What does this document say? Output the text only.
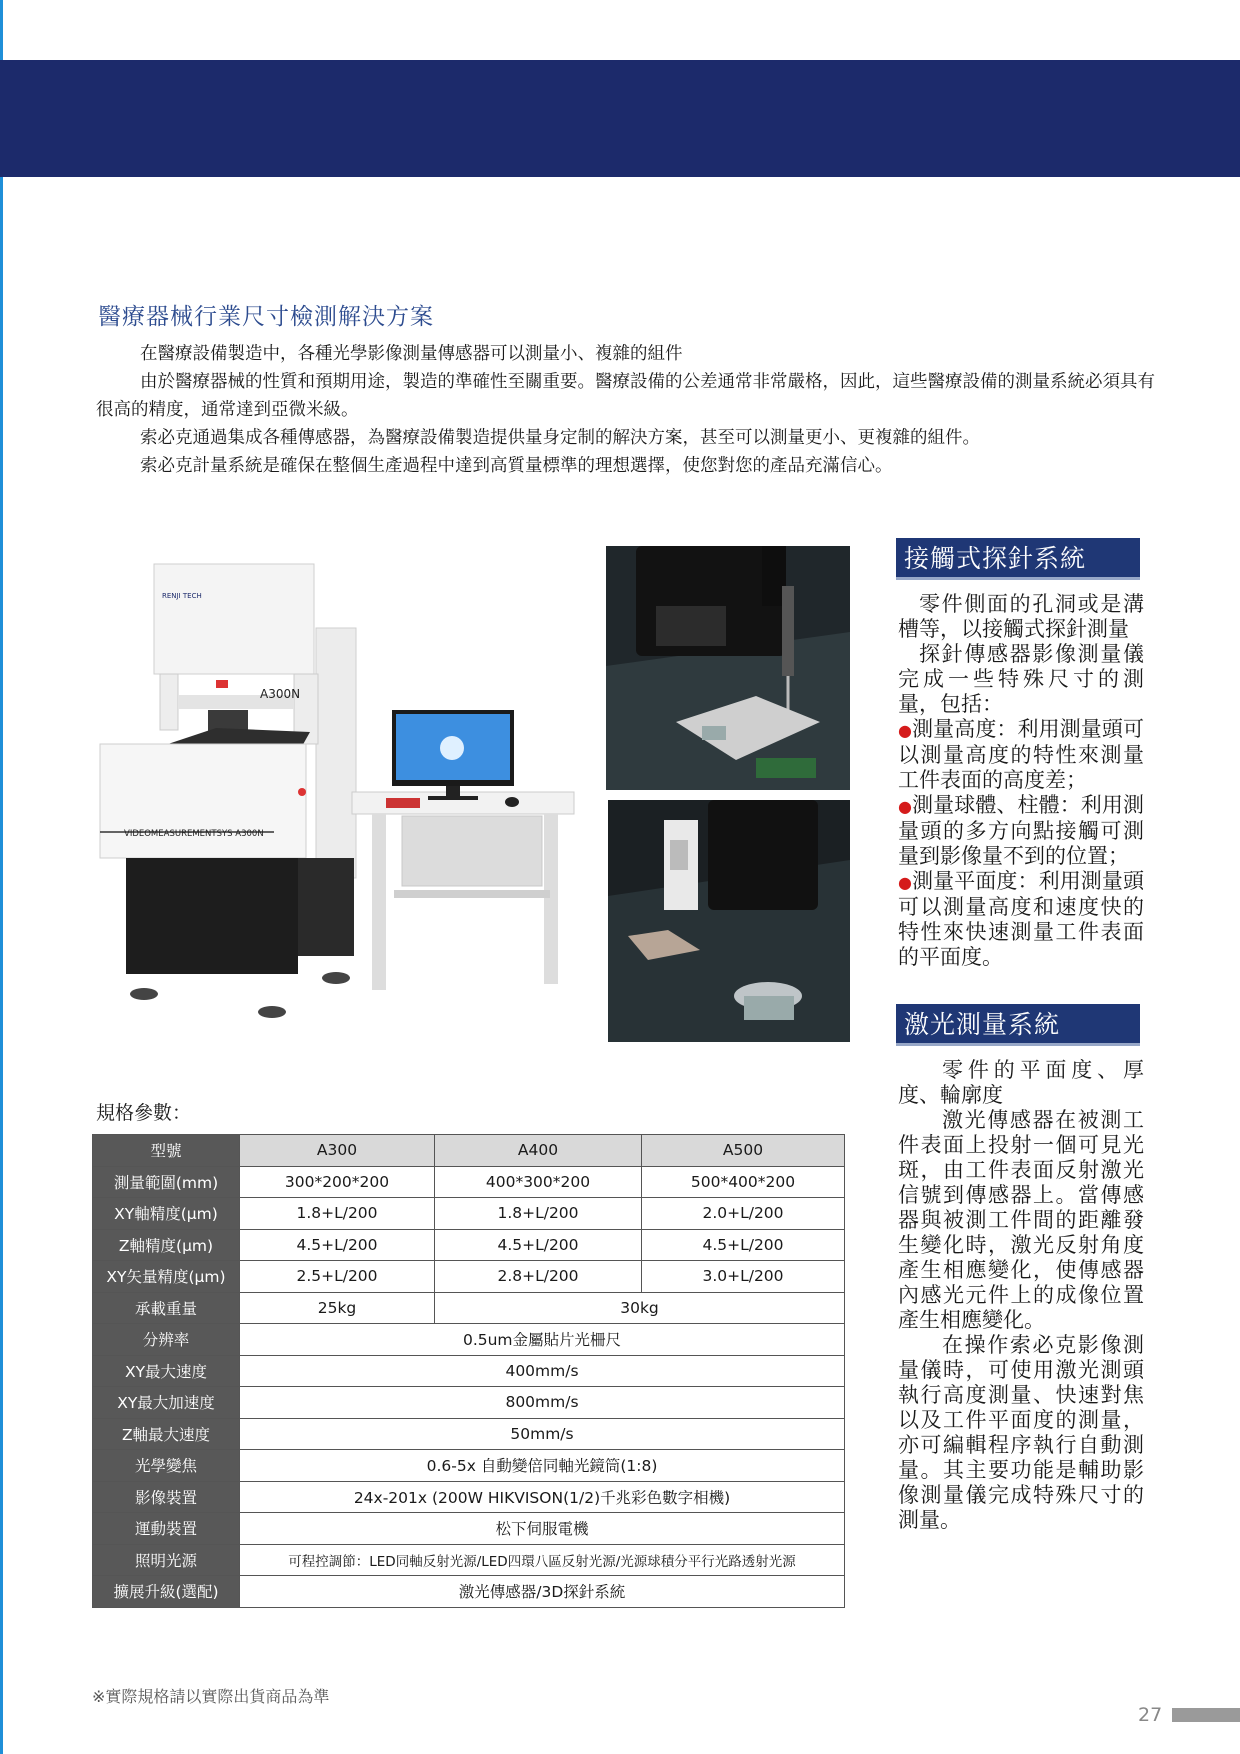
醫療器械行業尺寸檢測解決方案

在醫療設備製造中，各種光學影像測量傳感器可以測量小、複雜的組件

由於醫療器械的性質和預期用途，製造的準確性至關重要。醫療設備的公差通常非常嚴格，因此，這些醫療設備的測量系統必須具有很高的精度，通常達到亞微米級。

索必克通過集成各種傳感器，為醫療設備製造提供量身定制的解決方案，甚至可以測量更小、更複雜的組件。

索必克計量系統是確保在整個生產過程中達到高質量標準的理想選擇，使您對您的產品充滿信心。

RENJI TECH
A300N
VIDEOMEASUREMENTSYS A300N
接觸式探針系統

零件側面的孔洞或是溝槽等，以接觸式探針測量

探針傳感器影像測量儀完成一些特殊尺寸的測量，包括：

●測量高度：利用測量頭可以測量高度的特性來測量工件表面的高度差；

●測量球體、柱體：利用測量頭的多方向點接觸可測量到影像量不到的位置；

●測量平面度：利用測量頭可以測量高度和速度快的特性來快速測量工件表面的平面度。

激光測量系統

零件的平面度、厚度、輪廓度

激光傳感器在被測工件表面上投射一個可見光斑，由工件表面反射激光信號到傳感器上。當傳感器與被測工件間的距離發生變化時，激光反射角度產生相應變化，使傳感器內感光元件上的成像位置產生相應變化。

在操作索必克影像測量儀時，可使用激光測頭執行高度測量、快速對焦以及工件平面度的測量，亦可編輯程序執行自動測量。其主要功能是輔助影像測量儀完成特殊尺寸的測量。

規格參數：
型號	A300	A400	A500
測量範圍(mm)	300*200*200	400*300*200	500*400*200
XY軸精度(μm)	1.8+L/200	1.8+L/200	2.0+L/200
Z軸精度(μm)	4.5+L/200	4.5+L/200	4.5+L/200
XY矢量精度(μm)	2.5+L/200	2.8+L/200	3.0+L/200
承載重量	25kg	30kg	
分辨率	0.5um金屬貼片光柵尺		
XY最大速度	400mm/s		
XY最大加速度	800mm/s		
Z軸最大速度	50mm/s		
光學變焦	0.6-5x 自動變倍同軸光鏡筒(1:8)		
影像裝置	24x-201x (200W HIKVISON(1/2)千兆彩色數字相機)		
運動裝置	松下伺服電機		
照明光源	可程控調節：LED同軸反射光源/LED四環八區反射光源/光源球積分平行光路透射光源		
擴展升級(選配)	激光傳感器/3D探針系統		
※實際規格請以實際出貨商品為準
27
